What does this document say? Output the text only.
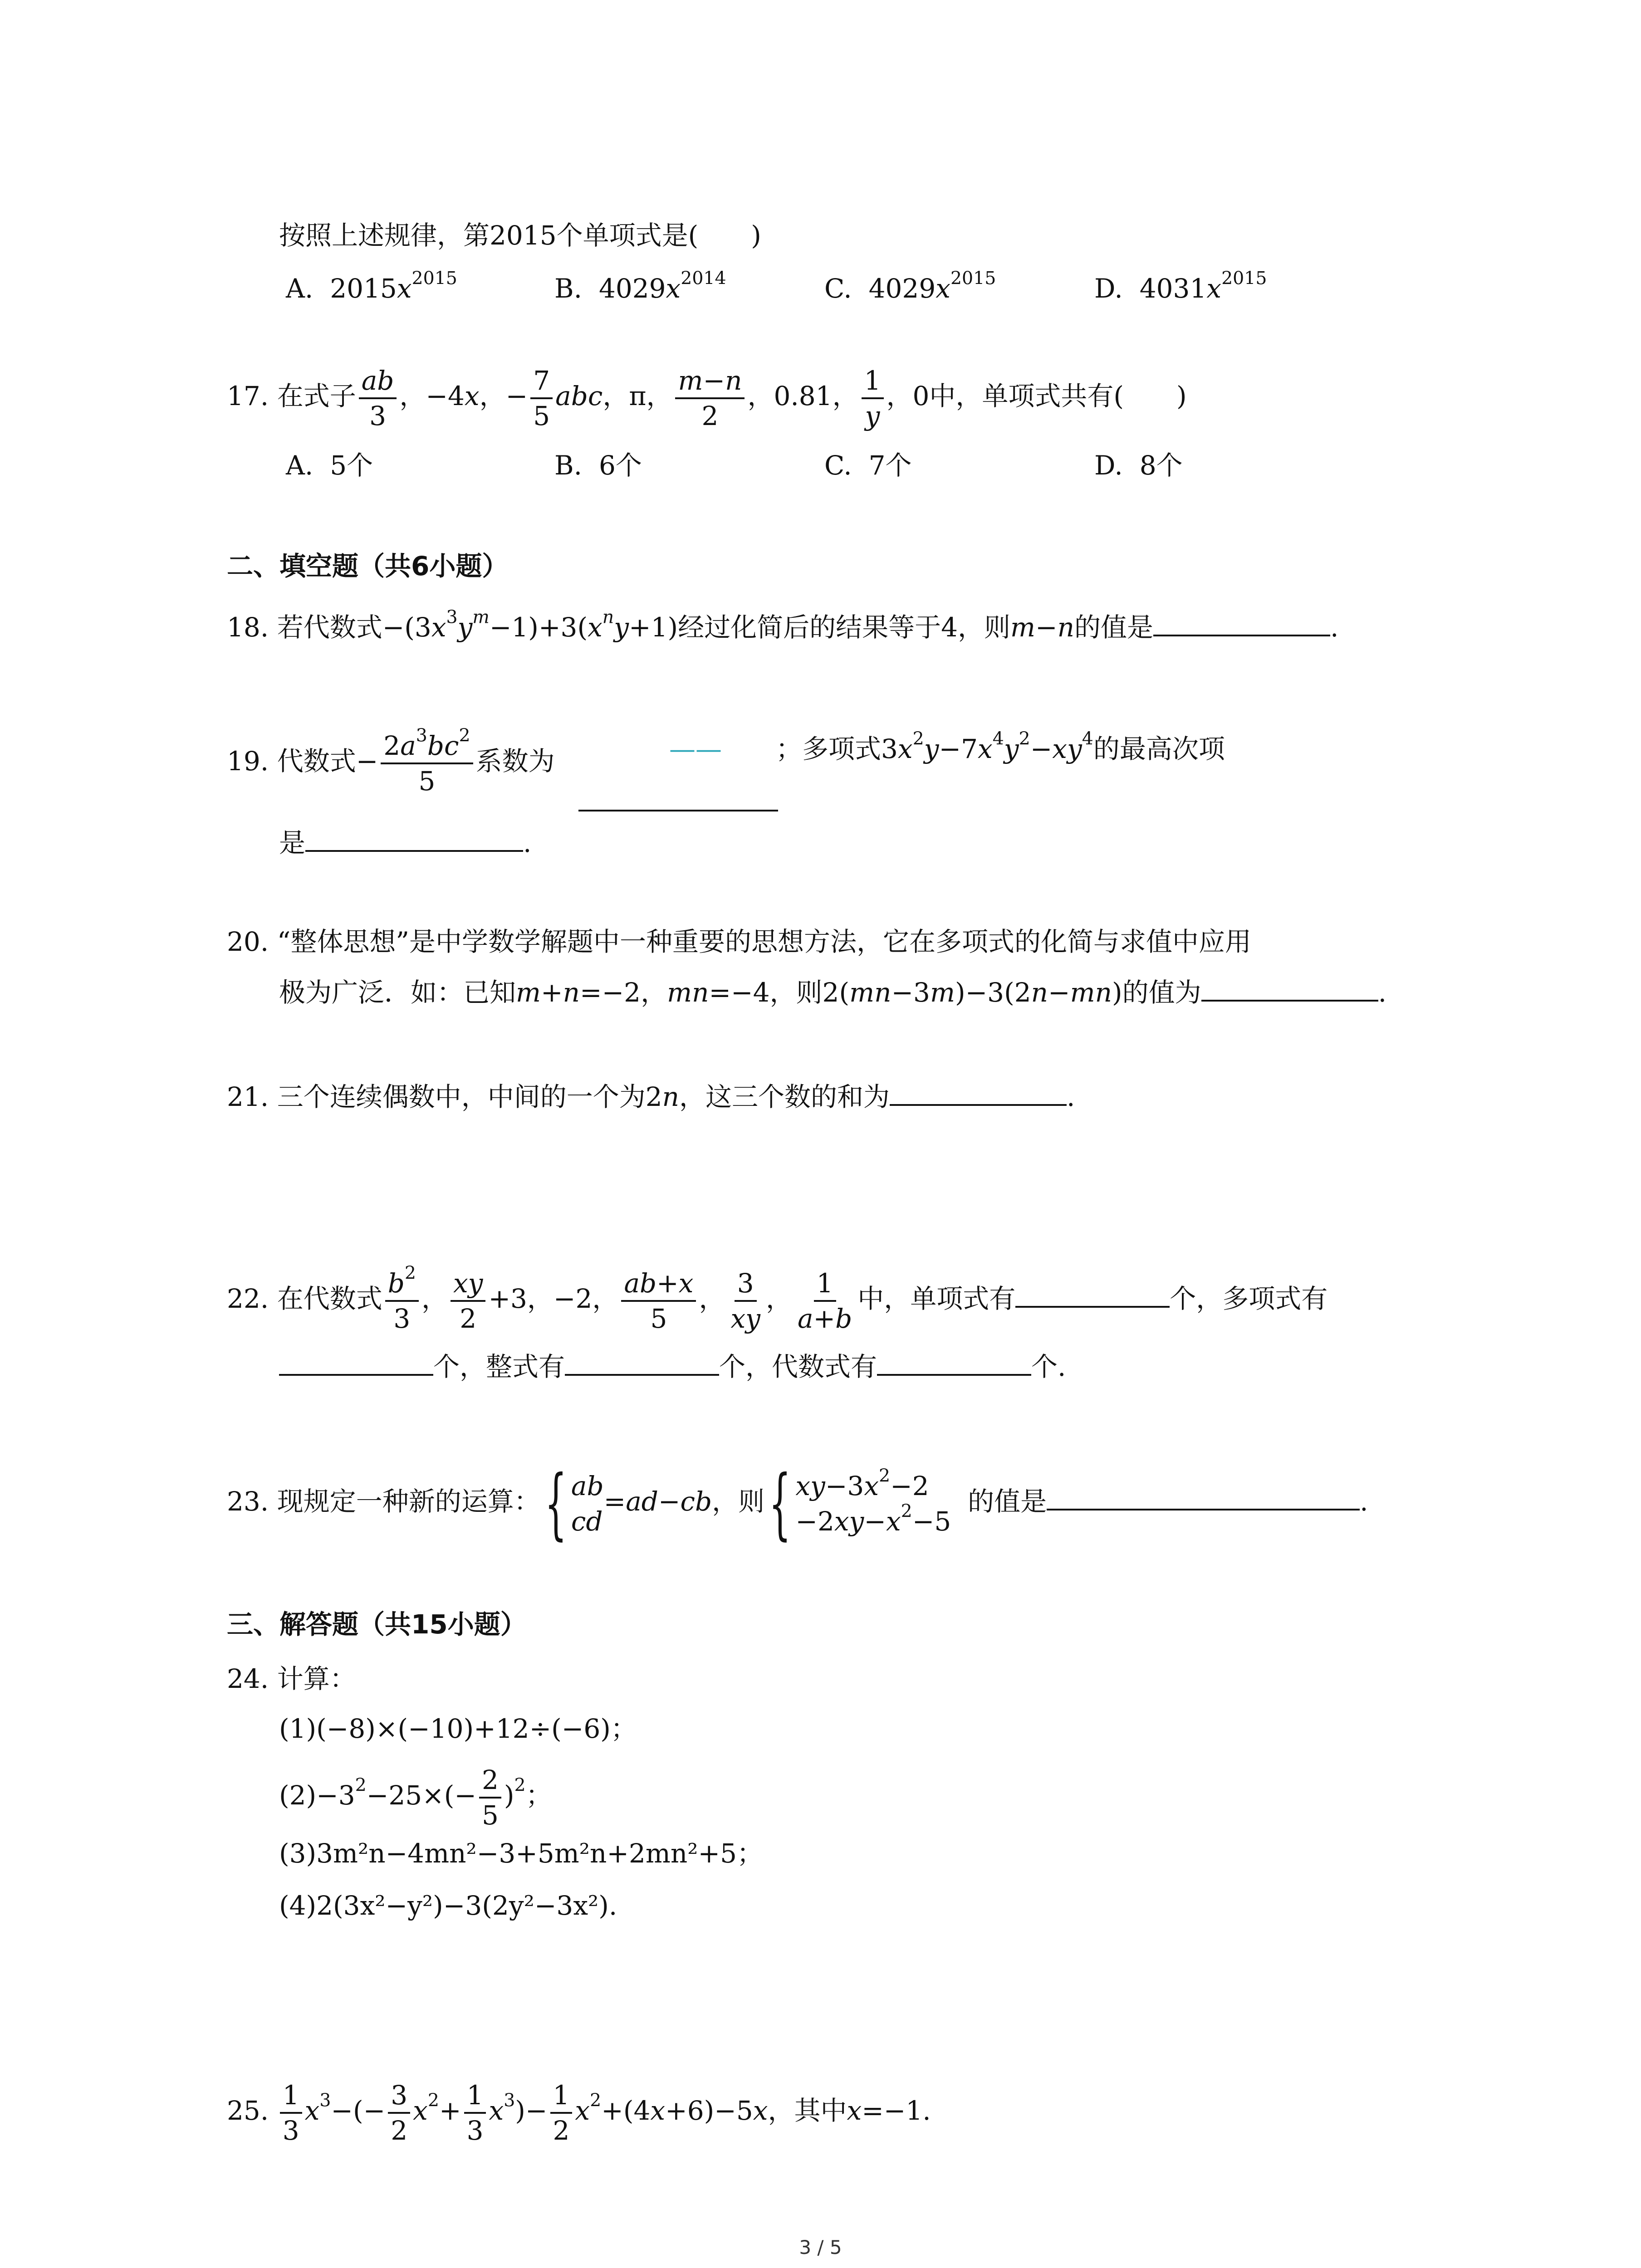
按照上述规律，第2015个单项式是(　　)
A. $2015x^{2015}$	B. $4029x^{2014}$	C. $4029x^{2015}$	D. $4031x^{2015}$
17. 在式子 $\frac{ab}{3}$ ，−4x，− $\frac{7}{5}$ abc，π， $\frac{m-n}{2}$ ，0.81， $\frac{1}{y}$ ，0中，单项式共有(　　)
A. 5个	B. 6个	C. 7个	D. 8个
二、填空题（共6小题）
18. 若代数式$-(3x^3y^m-1)+3(x^ny+1)$经过化简后的结果等于4，则m−n的值是	.
19. 代数式− $\frac{2a^3bc^2}{5}$ 系数为	—— ；多项式$3x^2y-7x^4y^2-xy^4$的最高次项
是	.
20. “整体思想”是中学数学解题中一种重要的思想方法，它在多项式的化简与求值中应用
极为广泛．如：已知m+n=−2，mn=−4，则2(mn−3m)−3(2n−mn)的值为	.
21. 三个连续偶数中，中间的一个为2n，这三个数的和为	.
22. 在代数式 $\frac{b^2}{3}$ ， $\frac{xy}{2} +3$，−2， $\frac{ab+x}{5}$ ， $\frac{3}{xy}$ ， $\frac{1}{a+b}$ 中，单项式有	个，多项式有
个，整式有	个，代数式有	个.
23. 现规定一种新的运算：{ ab
cd
=ad−cb，则{ $xy-3x^2-2$
$-2xy-x^2-5$
的值是	.
三、解答题（共15小题）
24. 计算：
(1)(−8)×(−10)+12÷(−6)；
$(2)-3^2-25\times(- \frac{2}{5} )^2$；
(3)3m²n−4mn²−3+5m²n+2mn²+5；
(4)2(3x²−y²)−3(2y²−3x²).
25. $\frac{1}{3} x^3-(- \frac{3}{2} x^2+ \frac{1}{3} x^3)- \frac{1}{2} x^2+(4x+6)-5x$，其中x=−1.
3 / 5
